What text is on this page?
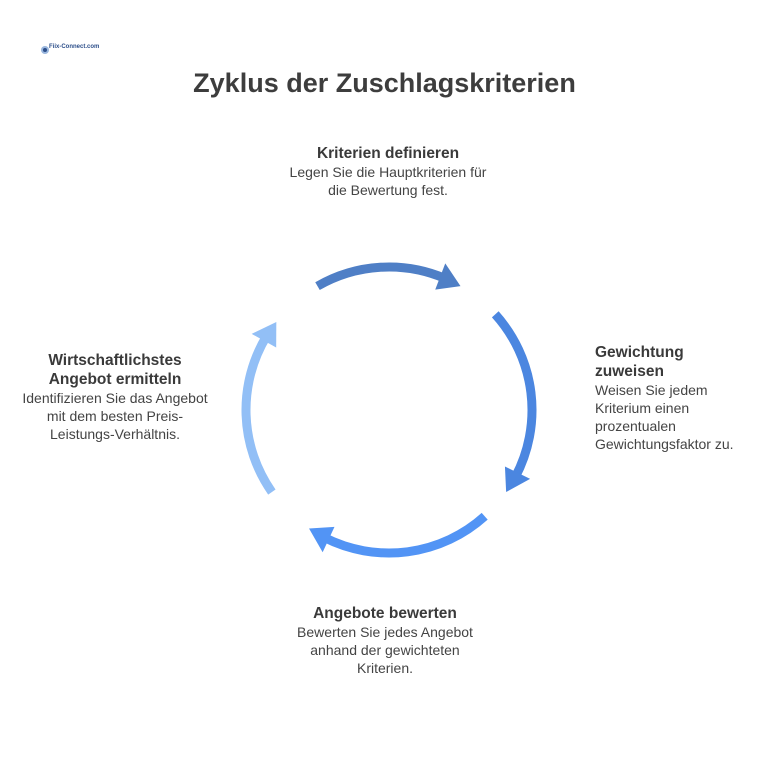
Fiix-Connect.com
Zyklus der Zuschlagskriterien
Kriterien definieren

Legen Sie die Hauptkriterien für die Bewertung fest.

Gewichtung zuweisen

Weisen Sie jedem Kriterium einen prozentualen Gewichtungsfaktor zu.

Angebote bewerten

Bewerten Sie jedes Angebot anhand der gewichteten Kriterien.

Wirtschaftlichstes Angebot ermitteln

Identifizieren Sie das Angebot mit dem besten Preis-Leistungs-Verhältnis.
